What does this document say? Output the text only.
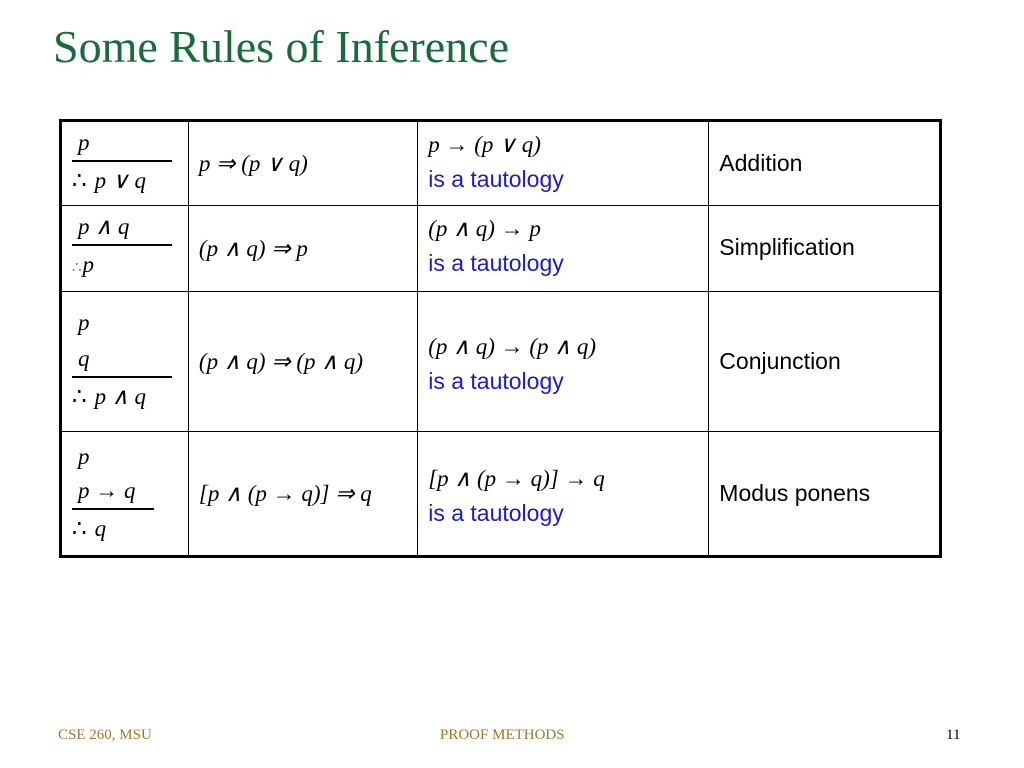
Some Rules of Inference
p
∴ p ∨ q	p ⇒ (p ∨ q)	p → (p ∨ q)
is a tautology	Addition

p ∧ q
∴p	(p ∧ q) ⇒ p	(p ∧ q) → p
is a tautology	Simplification

p
q
∴ p ∧ q	(p ∧ q) ⇒ (p ∧ q)	(p ∧ q) → (p ∧ q)
is a tautology	Conjunction

p
p → q
∴ q	[p ∧ (p → q)] ⇒ q	[p ∧ (p → q)] → q
is a tautology	Modus ponens
CSE 260, MSU	PROOF METHODS	11
